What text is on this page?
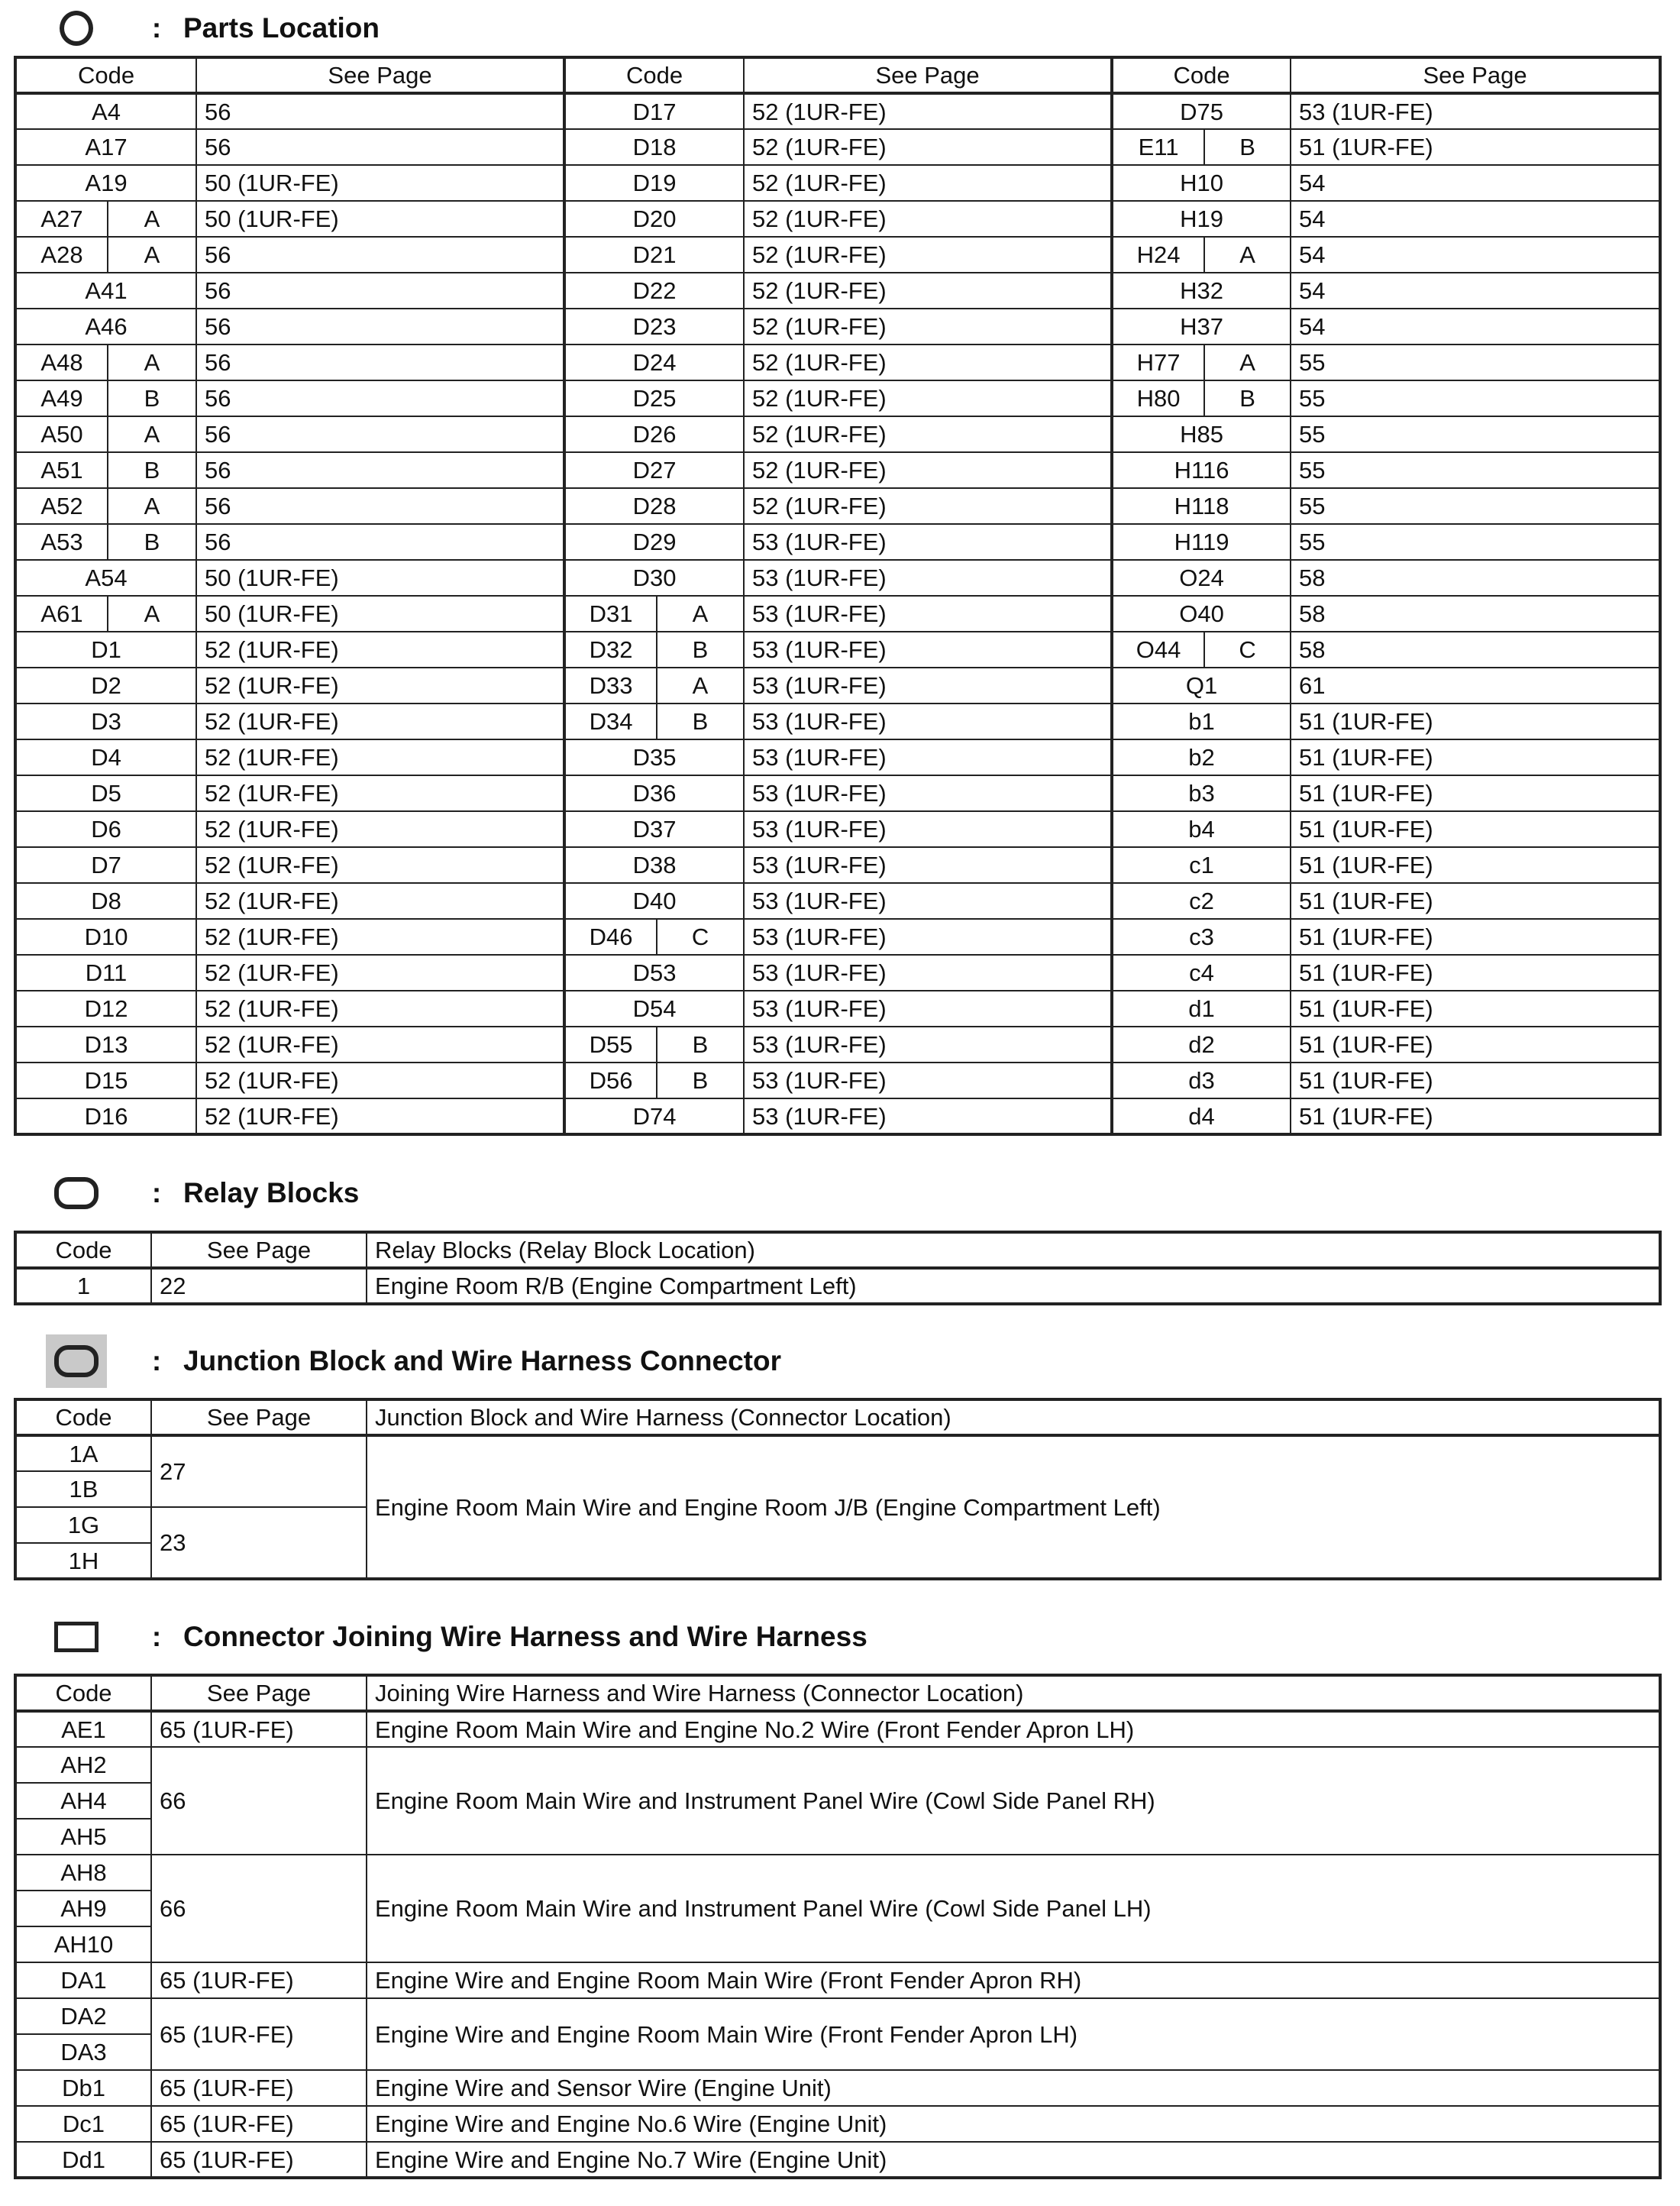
: Parts Location
Code		See Page	Code		See Page	Code		See Page
A4		56	D17		52 (1UR-FE)	D75		53 (1UR-FE)
A17		56	D18		52 (1UR-FE)	E11	B	51 (1UR-FE)
A19		50 (1UR-FE)	D19		52 (1UR-FE)	H10		54
A27	A	50 (1UR-FE)	D20		52 (1UR-FE)	H19		54
A28	A	56	D21		52 (1UR-FE)	H24	A	54
A41		56	D22		52 (1UR-FE)	H32		54
A46		56	D23		52 (1UR-FE)	H37		54
A48	A	56	D24		52 (1UR-FE)	H77	A	55
A49	B	56	D25		52 (1UR-FE)	H80	B	55
A50	A	56	D26		52 (1UR-FE)	H85		55
A51	B	56	D27		52 (1UR-FE)	H116		55
A52	A	56	D28		52 (1UR-FE)	H118		55
A53	B	56	D29		53 (1UR-FE)	H119		55
A54		50 (1UR-FE)	D30		53 (1UR-FE)	O24		58
A61	A	50 (1UR-FE)	D31	A	53 (1UR-FE)	O40		58
D1		52 (1UR-FE)	D32	B	53 (1UR-FE)	O44	C	58
D2		52 (1UR-FE)	D33	A	53 (1UR-FE)	Q1		61
D3		52 (1UR-FE)	D34	B	53 (1UR-FE)	b1		51 (1UR-FE)
D4		52 (1UR-FE)	D35		53 (1UR-FE)	b2		51 (1UR-FE)
D5		52 (1UR-FE)	D36		53 (1UR-FE)	b3		51 (1UR-FE)
D6		52 (1UR-FE)	D37		53 (1UR-FE)	b4		51 (1UR-FE)
D7		52 (1UR-FE)	D38		53 (1UR-FE)	c1		51 (1UR-FE)
D8		52 (1UR-FE)	D40		53 (1UR-FE)	c2		51 (1UR-FE)
D10		52 (1UR-FE)	D46	C	53 (1UR-FE)	c3		51 (1UR-FE)
D11		52 (1UR-FE)	D53		53 (1UR-FE)	c4		51 (1UR-FE)
D12		52 (1UR-FE)	D54		53 (1UR-FE)	d1		51 (1UR-FE)
D13		52 (1UR-FE)	D55	B	53 (1UR-FE)	d2		51 (1UR-FE)
D15		52 (1UR-FE)	D56	B	53 (1UR-FE)	d3		51 (1UR-FE)
D16		52 (1UR-FE)	D74		53 (1UR-FE)	d4		51 (1UR-FE)
: Relay Blocks
Code	See Page	Relay Blocks (Relay Block Location)
1	22	Engine Room R/B (Engine Compartment Left)
: Junction Block and Wire Harness Connector
Code	See Page	Junction Block and Wire Harness (Connector Location)
1A	27	Engine Room Main Wire and Engine Room J/B (Engine Compartment Left)
1B		
1G	23	
1H		
: Connector Joining Wire Harness and Wire Harness
Code	See Page	Joining Wire Harness and Wire Harness (Connector Location)
AE1	65 (1UR-FE)	Engine Room Main Wire and Engine No.2 Wire (Front Fender Apron LH)
AH2	66	Engine Room Main Wire and Instrument Panel Wire (Cowl Side Panel RH)
AH4		
AH5		
AH8	66	Engine Room Main Wire and Instrument Panel Wire (Cowl Side Panel LH)
AH9		
AH10		
DA1	65 (1UR-FE)	Engine Wire and Engine Room Main Wire (Front Fender Apron RH)
DA2	65 (1UR-FE)	Engine Wire and Engine Room Main Wire (Front Fender Apron LH)
DA3		
Db1	65 (1UR-FE)	Engine Wire and Sensor Wire (Engine Unit)
Dc1	65 (1UR-FE)	Engine Wire and Engine No.6 Wire (Engine Unit)
Dd1	65 (1UR-FE)	Engine Wire and Engine No.7 Wire (Engine Unit)
